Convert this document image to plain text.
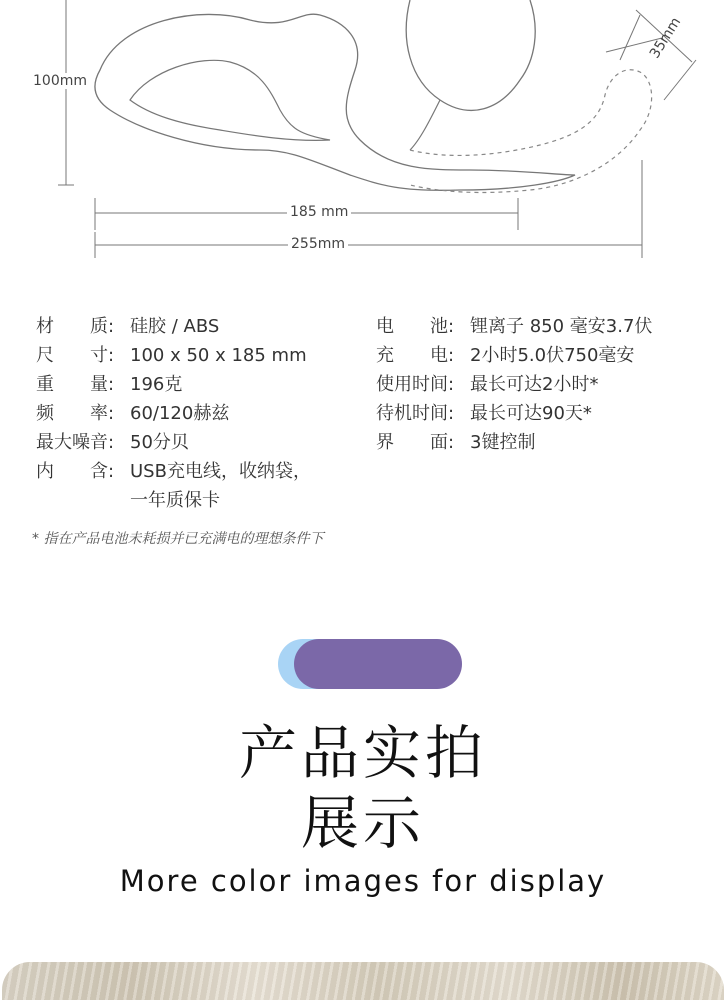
100mm
35mm
185 mm
255mm
材 质 : 硅胶 / ABS
尺 寸 : 100 x 50 x 185 mm
重 量 : 196克
频 率 : 60/120赫兹
最大噪音 : 50分贝
内 含 : USB充电线，收纳袋，
一年质保卡
电 池 : 锂离子 850 毫安3.7伏
充 电 : 2小时5.0伏750毫安
使用时间 : 最长可达2小时*
待机时间 : 最长可达90天*
界 面 : 3键控制
* 指在产品电池未耗损并已充满电的理想条件下
产品实拍
展示
More color images for display
